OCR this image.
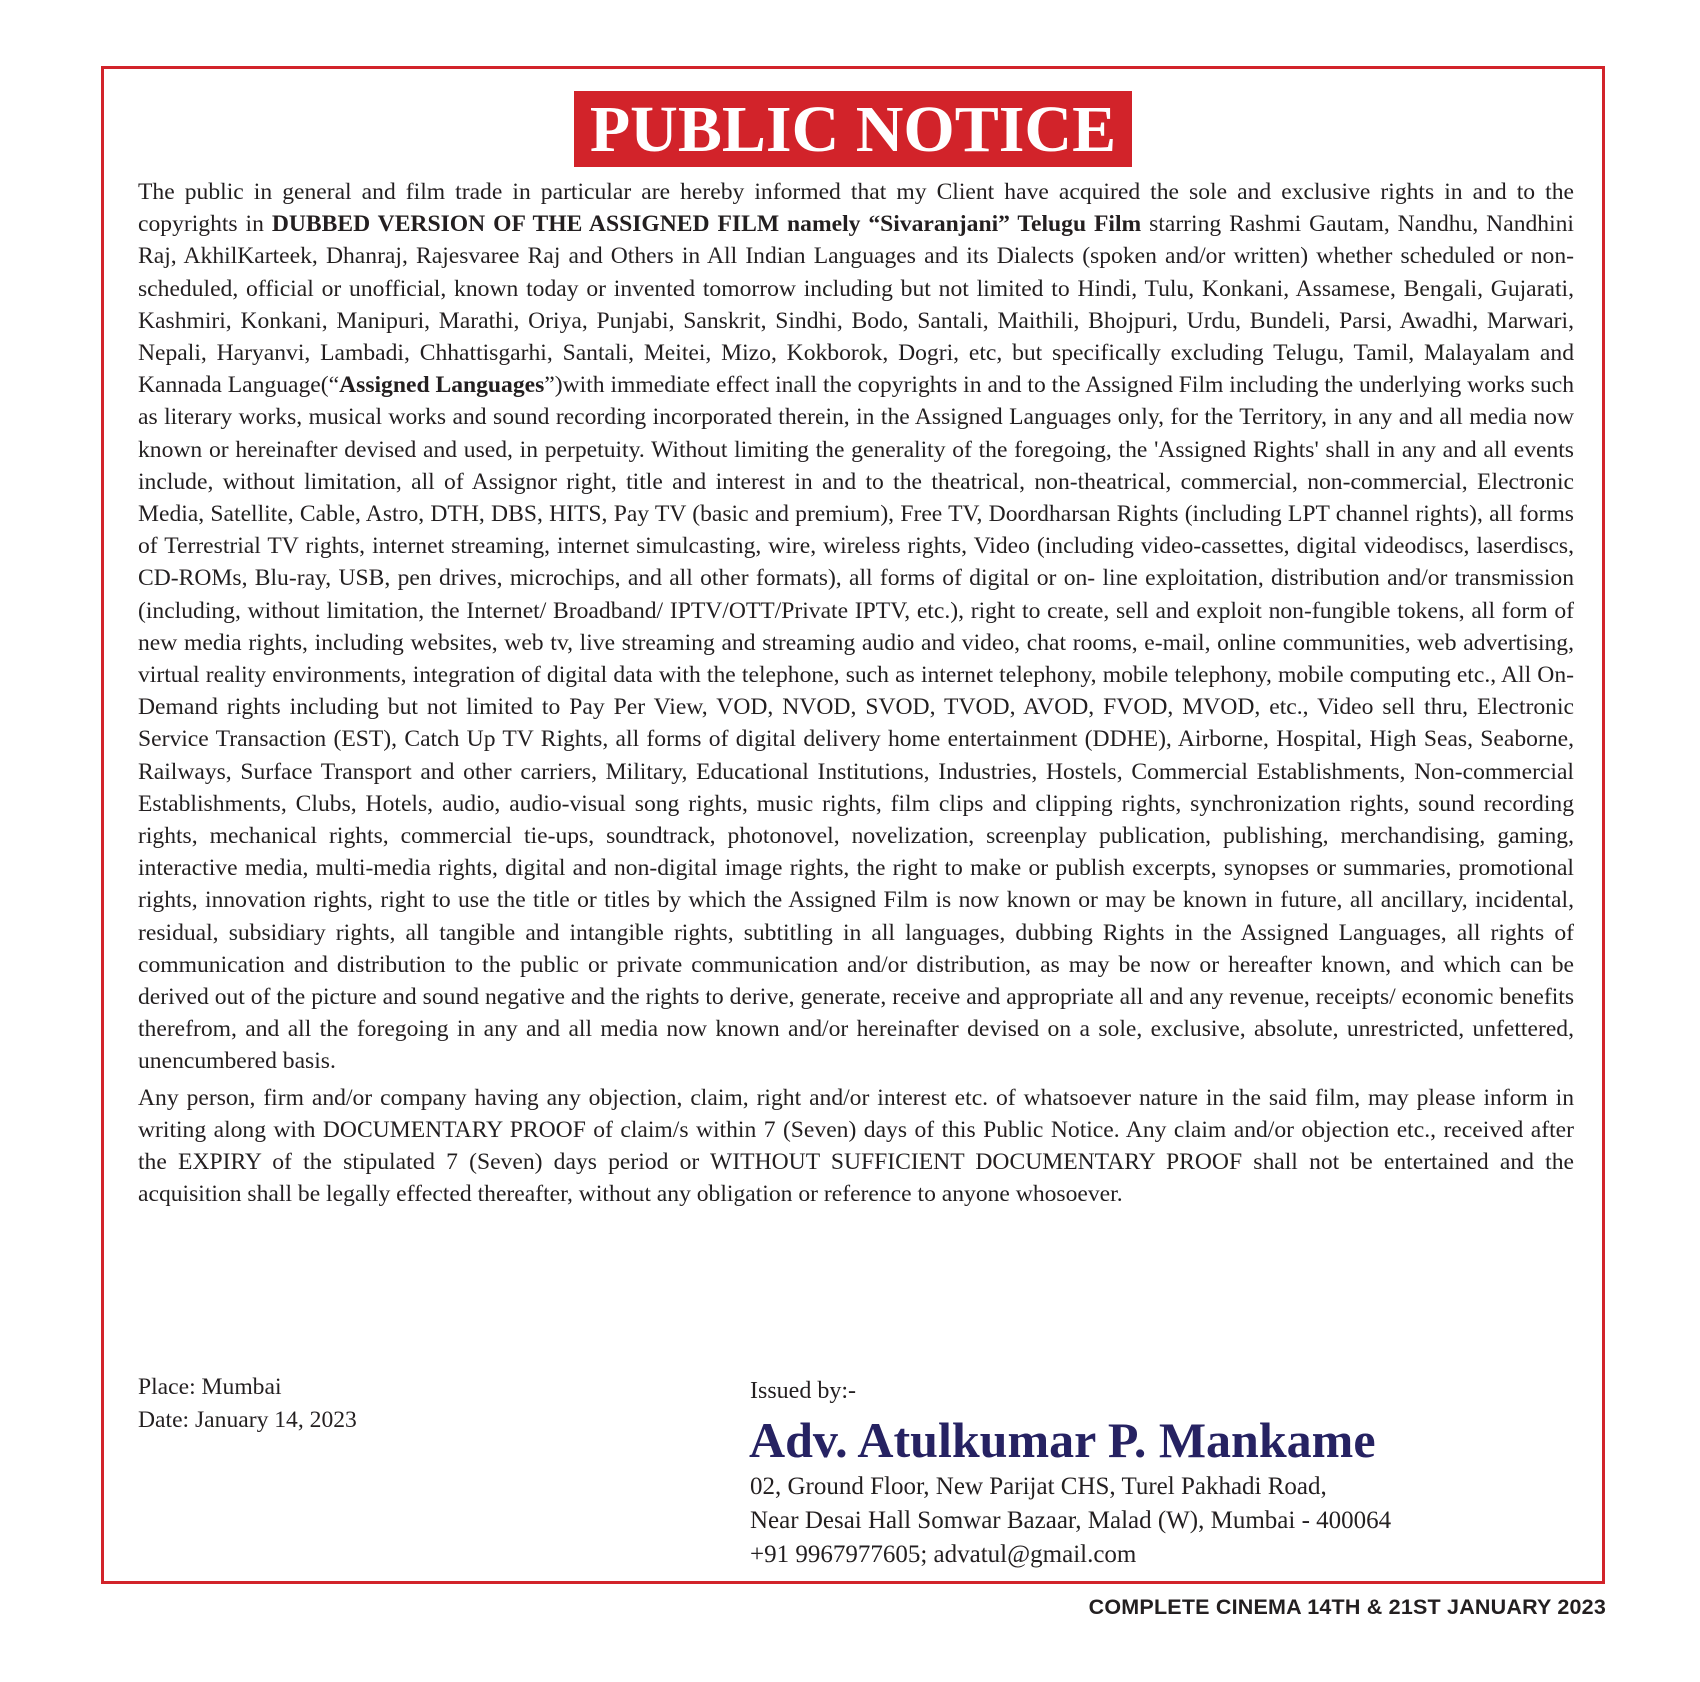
PUBLIC NOTICE

The public in general and film trade in particular are hereby informed that my Client have acquired the sole and exclusive rights in and to the copyrights in DUBBED VERSION OF THE ASSIGNED FILM namely “Sivaranjani” Telugu Film starring Rashmi Gautam, Nandhu, Nandhini Raj, AkhilKarteek, Dhanraj, Rajesvaree Raj and Others in All Indian Languages and its Dialects (spoken and/or written) whether scheduled or non-scheduled, official or unofficial, known today or invented tomorrow including but not limited to Hindi, Tulu, Konkani, Assamese, Bengali, Gujarati, Kashmiri, Konkani, Manipuri, Marathi, Oriya, Punjabi, Sanskrit, Sindhi, Bodo, Santali, Maithili, Bhojpuri, Urdu, Bundeli, Parsi, Awadhi, Marwari, Nepali, Haryanvi, Lambadi, Chhattisgarhi, Santali, Meitei, Mizo, Kokborok, Dogri, etc, but specifically excluding Telugu, Tamil, Malayalam and Kannada Language(“Assigned Languages”)with immediate effect inall the copyrights in and to the Assigned Film including the underlying works such as literary works, musical works and sound recording incorporated therein, in the Assigned Languages only, for the Territory, in any and all media now known or hereinafter devised and used, in perpetuity. Without limiting the generality of the foregoing, the 'Assigned Rights' shall in any and all events include, without limitation, all of Assignor right, title and interest in and to the theatrical, non-theatrical, commercial, non-commercial, Electronic Media, Satellite, Cable, Astro, DTH, DBS, HITS, Pay TV (basic and premium), Free TV, Doordharsan Rights (including LPT channel rights), all forms of Terrestrial TV rights, internet streaming, internet simulcasting, wire, wireless rights, Video (including video-cassettes, digital videodiscs, laserdiscs, CD-ROMs, Blu-ray, USB, pen drives, microchips, and all other formats), all forms of digital or on- line exploitation, distribution and/or transmission (including, without limitation, the Internet/ Broadband/ IPTV/OTT/Private IPTV, etc.), right to create, sell and exploit non-fungible tokens, all form of new media rights, including websites, web tv, live streaming and streaming audio and video, chat rooms, e-mail, online communities, web advertising, virtual reality environments, integration of digital data with the telephone, such as internet telephony, mobile telephony, mobile computing etc., All On-Demand rights including but not limited to Pay Per View, VOD, NVOD, SVOD, TVOD, AVOD, FVOD, MVOD, etc., Video sell thru, Electronic Service Transaction (EST), Catch Up TV Rights, all forms of digital delivery home entertainment (DDHE), Airborne, Hospital, High Seas, Seaborne, Railways, Surface Transport and other carriers, Military, Educational Institutions, Industries, Hostels, Commercial Establishments, Non-commercial Establishments, Clubs, Hotels, audio, audio-visual song rights, music rights, film clips and clipping rights, synchronization rights, sound recording rights, mechanical rights, commercial tie-ups, soundtrack, photonovel, novelization, screenplay publication, publishing, merchandising, gaming, interactive media, multi-media rights, digital and non-digital image rights, the right to make or publish excerpts, synopses or summaries, promotional rights, innovation rights, right to use the title or titles by which the Assigned Film is now known or may be known in future, all ancillary, incidental, residual, subsidiary rights, all tangible and intangible rights, subtitling in all languages, dubbing Rights in the Assigned Languages, all rights of communication and distribution to the public or private communication and/or distribution, as may be now or hereafter known, and which can be derived out of the picture and sound negative and the rights to derive, generate, receive and appropriate all and any revenue, receipts/ economic benefits therefrom, and all the foregoing in any and all media now known and/or hereinafter devised on a sole, exclusive, absolute, unrestricted, unfettered, unencumbered basis.

Any person, firm and/or company having any objection, claim, right and/or interest etc. of whatsoever nature in the said film, may please inform in writing along with DOCUMENTARY PROOF of claim/s within 7 (Seven) days of this Public Notice. Any claim and/or objection etc., received after the EXPIRY of the stipulated 7 (Seven) days period or WITHOUT SUFFICIENT DOCUMENTARY PROOF shall not be entertained and the acquisition shall be legally effected thereafter, without any obligation or reference to anyone whosoever.

Place: Mumbai
Date: January 14, 2023
Issued by:-
Adv. Atulkumar P. Mankame
02, Ground Floor, New Parijat CHS, Turel Pakhadi Road,
Near Desai Hall Somwar Bazaar, Malad (W), Mumbai - 400064
+91 9967977605; advatul@gmail.com
COMPLETE CINEMA 14TH & 21ST JANUARY 2023
